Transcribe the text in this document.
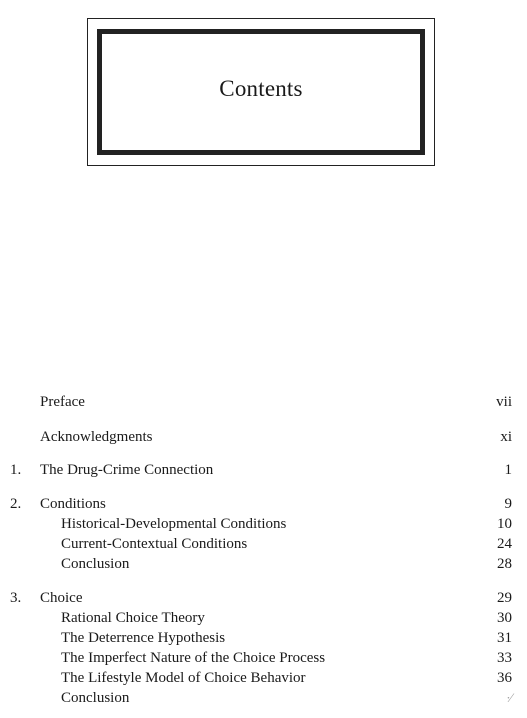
Contents
Preface	vii
Acknowledgments	xi
1. The Drug-Crime Connection	1
2. Conditions	9
Historical-Developmental Conditions	10
Current-Contextual Conditions	24
Conclusion	28
3. Choice	29
Rational Choice Theory	30
The Deterrence Hypothesis	31
The Imperfect Nature of the Choice Process	33
The Lifestyle Model of Choice Behavior	36
Conclusion	·∕
